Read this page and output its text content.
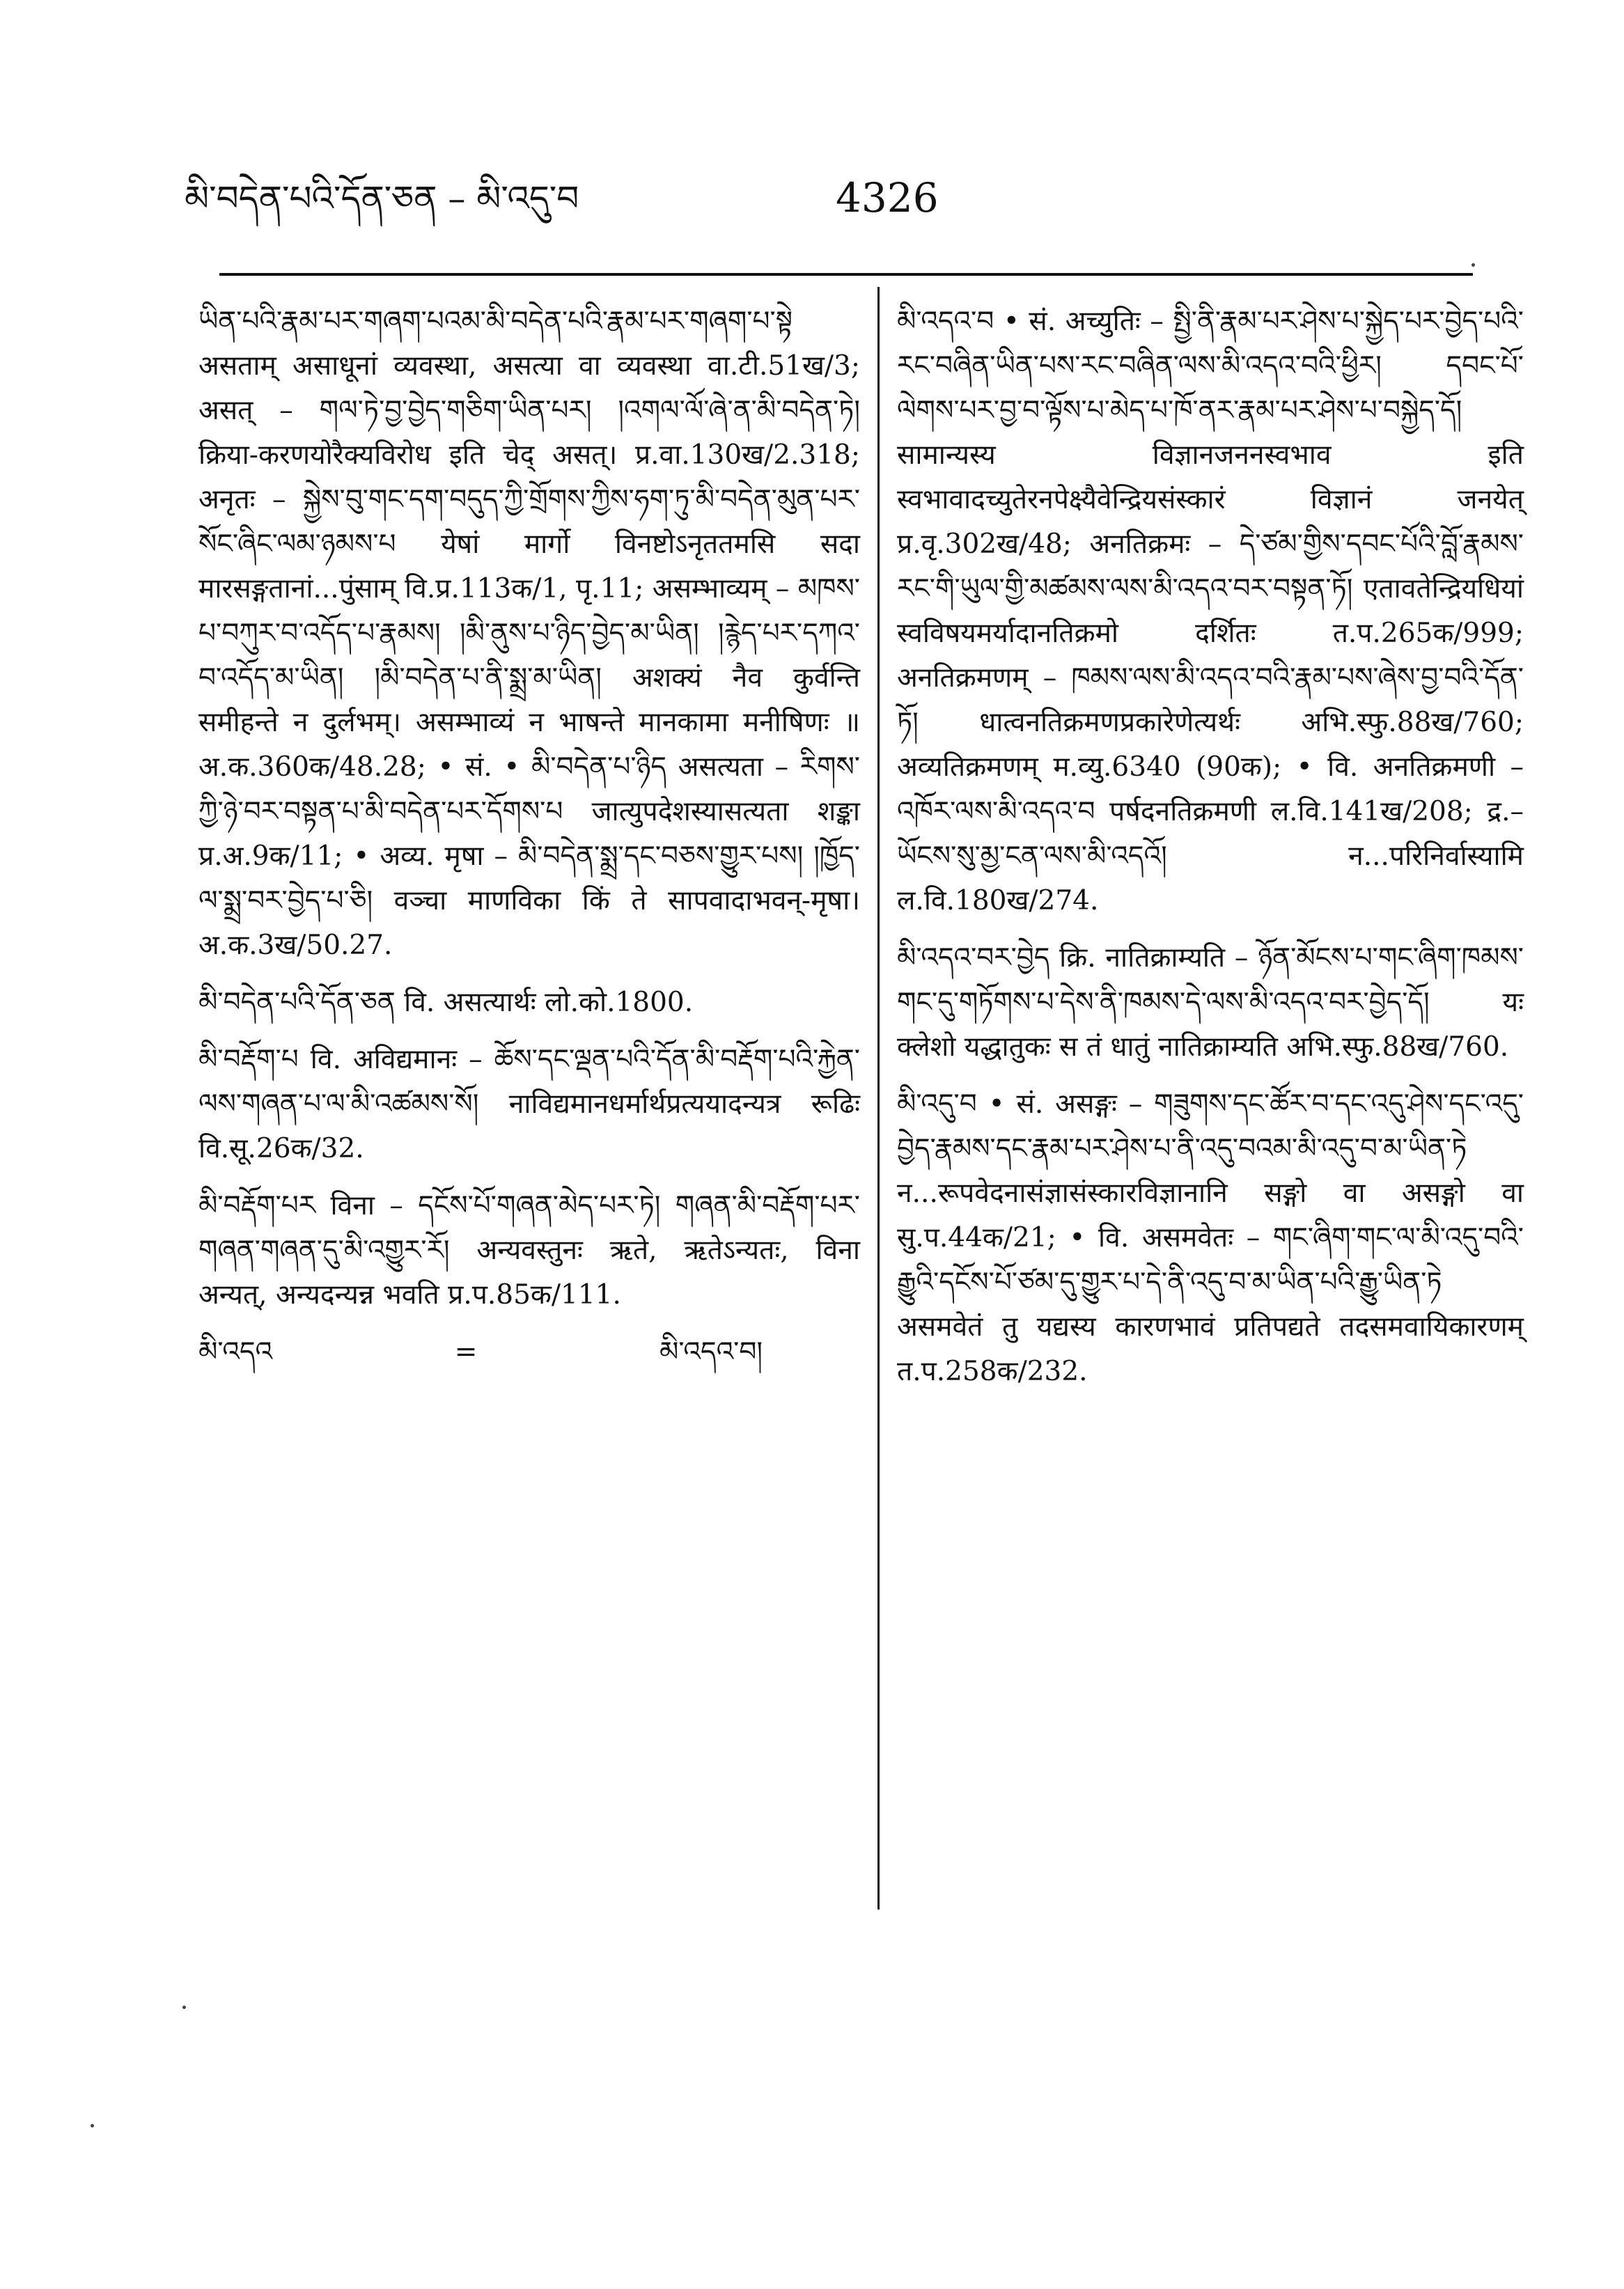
མི་བདེན་པའི་དོན་ཅན – མི་འདུ་བ	4326

ཡིན་པའི་རྣམ་པར་གཞག་པའམ་མི་བདེན་པའི་རྣམ་པར་གཞག་པ་སྟེ असताम् असाधूनां व्यवस्था, असत्या वा व्यवस्था वा.टी.51ख/3; असत् – གལ་ཏེ་བྱ་བྱེད་གཅིག་ཡིན་པར། །འགལ་ལོ་ཞེ་ན་མི་བདེན་ཏེ། क्रिया-करणयोरैक्यविरोध इति चेद् असत्। प्र.वा.130ख/2.318; अनृतः – སྐྱེས་བུ་གང་དག་བདུད་ཀྱི་གྲོགས་ཀྱིས་ཧག་ཏུ་མི་བདེན་མུན་པར་སོང་ཞིང་ལམ་ཉམས་པ येषां मार्गो विनष्टोऽनृततमसि सदा मारसङ्गतानां...पुंसाम् वि.प्र.113क/1, पृ.11; असम्भाव्यम् – མཁས་པ་བཀུར་བ་འདོད་པ་རྣམས། །མི་ནུས་པ་ཉིད་བྱེད་མ་ཡིན། །རྙེད་པར་དཀའ་བ་འདོད་མ་ཡིན། །མི་བདེན་པ་ནི་སྨྲ་མ་ཡིན། अशक्यं नैव कुर्वन्ति समीहन्ते न दुर्लभम्। असम्भाव्यं न भाषन्ते मानकामा मनीषिणः ॥ अ.क.360क/48.28; • सं. • མི་བདེན་པ་ཉིད असत्यता – རིགས་ཀྱི་ཉེ་བར་བསྟན་པ་མི་བདེན་པར་དོགས་པ जात्युपदेशस्यासत्यता शङ्का प्र.अ.9क/11; • अव्य. मृषा – མི་བདེན་སྨྲ་དང་བཅས་གྱུར་པས། །ཁྱོད་ལ་སྨྲ་བར་བྱེད་པ་ཅི། वञ्चा माणविका किं ते सापवादाभवन्-मृषा। अ.क.3ख/50.27.

མི་བདེན་པའི་དོན་ཅན वि. असत्यार्थः लो.को.1800.

མི་བརྡོག་པ वि. अविद्यमानः – ཆོས་དང་ལྡན་པའི་དོན་མི་བརྡོག་པའི་རྐྱེན་ལས་གཞན་པ་ལ་མི་འཚམས་སོ། नाविद्यमानधर्मार्थप्रत्ययादन्यत्र रूढिः वि.सू.26क/32.

མི་བརྡོག་པར विना – དངོས་པོ་གཞན་མེད་པར་ཏེ། གཞན་མི་བརྡོག་པར་གཞན་གཞན་དུ་མི་འགྱུར་རོ། अन्यवस्तुनः ऋते, ऋतेऽन्यतः, विना अन्यत्, अन्यदन्यन्न भवति प्र.प.85क/111.

མི་འདའ	=	མི་འདའ་བ།

མི་འདའ་བ • सं. अच्युतिः – སྤྱི་ནི་རྣམ་པར་ཤེས་པ་སྐྱེད་པར་བྱེད་པའི་རང་བཞིན་ཡིན་པས་རང་བཞིན་ལས་མི་འདའ་བའི་ཕྱིར། དབང་པོ་ལེགས་པར་བྱ་བ་ལྟོས་པ་མེད་པ་ཁོ་ནར་རྣམ་པར་ཤེས་པ་བསྐྱེད་དོ། सामान्यस्य विज्ञानजननस्वभाव इति स्वभावादच्युतेरनपेक्ष्यैवेन्द्रियसंस्कारं विज्ञानं जनयेत् प्र.वृ.302ख/48; अनतिक्रमः – དེ་ཙམ་གྱིས་དབང་པོའི་བློ་རྣམས་རང་གི་ཡུལ་གྱི་མཚམས་ལས་མི་འདའ་བར་བསྟན་ཏོ། एतावतेन्द्रियधियां स्वविषयमर्यादानतिक्रमो दर्शितः त.प.265क/999; अनतिक्रमणम् – ཁམས་ལས་མི་འདའ་བའི་རྣམ་པས་ཞེས་བྱ་བའི་དོན་ཏོ། धात्वनतिक्रमणप्रकारेणेत्यर्थः अभि.स्फु.88ख/760; अव्यतिक्रमणम् म.व्यु.6340 (90क); • वि. अनतिक्रमणी – འཁོར་ལས་མི་འདའ་བ पर्षदनतिक्रमणी ल.वि.141ख/208; द्र.– ཡོངས་སུ་མྱ་ངན་ལས་མི་འདའོ། न...परिनिर्वास्यामि ल.वि.180ख/274.

མི་འདའ་བར་བྱེད क्रि. नातिक्राम्यति – ཉོན་མོངས་པ་གང་ཞིག་ཁམས་གང་དུ་གཏོགས་པ་དེས་ནི་ཁམས་དེ་ལས་མི་འདའ་བར་བྱེད་དོ། यः क्लेशो यद्धातुकः स तं धातुं नातिक्राम्यति अभि.स्फु.88ख/760.

མི་འདུ་བ • सं. असङ्गः – གཟུགས་དང་ཚོར་བ་དང་འདུ་ཤེས་དང་འདུ་བྱེད་རྣམས་དང་རྣམ་པར་ཤེས་པ་ནི་འདུ་བའམ་མི་འདུ་བ་མ་ཡིན་ཏེ न...रूपवेदनासंज्ञासंस्कारविज्ञानानि सङ्गो वा असङ्गो वा सु.प.44क/21; • वि. असमवेतः – གང་ཞིག་གང་ལ་མི་འདུ་བའི་རྒྱུའི་དངོས་པོ་ཙམ་དུ་གྱུར་པ་དེ་ནི་འདུ་བ་མ་ཡིན་པའི་རྒྱུ་ཡིན་ཏེ असमवेतं तु यद्यस्य कारणभावं प्रतिपद्यते तदसमवायिकारणम् त.प.258क/232.
